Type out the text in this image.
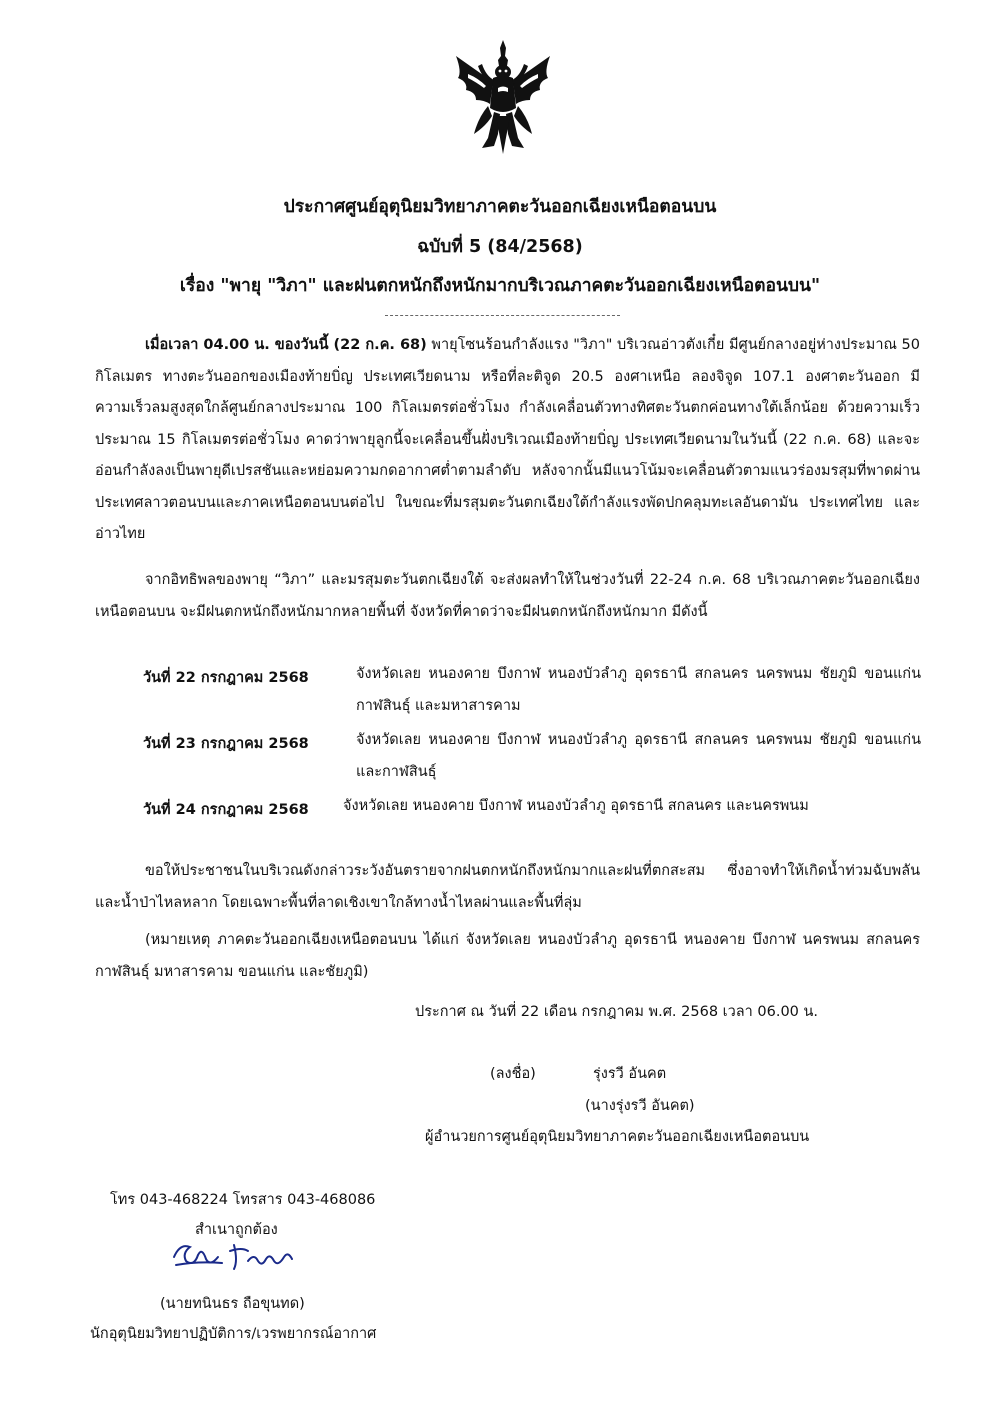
ประกาศศูนย์อุตุนิยมวิทยาภาคตะวันออกเฉียงเหนือตอนบน
ฉบับที่ 5 (84/2568)
เรื่อง "พายุ "วิภา" และฝนตกหนักถึงหนักมากบริเวณภาคตะวันออกเฉียงเหนือตอนบน"
เมื่อเวลา 04.00 น. ของวันนี้ (22 ก.ค. 68) พายุโซนร้อนกำลังแรง "วิภา" บริเวณอ่าวตังเกี๋ย มีศูนย์กลางอยู่ห่างประมาณ 50 กิโลเมตร ทางตะวันออกของเมืองท้ายบิ่ญ ประเทศเวียดนาม หรือที่ละติจูด 20.5 องศาเหนือ ลองจิจูด 107.1 องศาตะวันออก มีความเร็วลมสูงสุดใกล้ศูนย์กลางประมาณ 100 กิโลเมตรต่อชั่วโมง กำลังเคลื่อนตัวทางทิศตะวันตกค่อนทางใต้เล็กน้อย ด้วยความเร็วประมาณ 15 กิโลเมตรต่อชั่วโมง คาดว่าพายุลูกนี้จะเคลื่อนขึ้นฝั่งบริเวณเมืองท้ายบิ่ญ ประเทศเวียดนามในวันนี้ (22 ก.ค. 68) และจะอ่อนกำลังลงเป็นพายุดีเปรสชันและหย่อมความกดอากาศต่ำตามลำดับ หลังจากนั้นมีแนวโน้มจะเคลื่อนตัวตามแนวร่องมรสุมที่พาดผ่านประเทศลาวตอนบนและภาคเหนือตอนบนต่อไป ในขณะที่มรสุมตะวันตกเฉียงใต้กำลังแรงพัดปกคลุมทะเลอันดามัน ประเทศไทย และอ่าวไทย
จากอิทธิพลของพายุ “วิภา” และมรสุมตะวันตกเฉียงใต้ จะส่งผลทำให้ในช่วงวันที่ 22-24 ก.ค. 68 บริเวณภาคตะวันออกเฉียงเหนือตอนบน จะมีฝนตกหนักถึงหนักมากหลายพื้นที่ จังหวัดที่คาดว่าจะมีฝนตกหนักถึงหนักมาก มีดังนี้
วันที่ 22 กรกฎาคม 2568	จังหวัดเลย หนองคาย บึงกาฬ หนองบัวลำภู อุดรธานี สกลนคร นครพนม ชัยภูมิ ขอนแก่น กาฬสินธุ์ และมหาสารคาม
วันที่ 23 กรกฎาคม 2568	จังหวัดเลย หนองคาย บึงกาฬ หนองบัวลำภู อุดรธานี สกลนคร นครพนม ชัยภูมิ ขอนแก่น และกาฬสินธุ์
วันที่ 24 กรกฎาคม 2568 จังหวัดเลย หนองคาย บึงกาฬ หนองบัวลำภู อุดรธานี สกลนคร และนครพนม
ขอให้ประชาชนในบริเวณดังกล่าวระวังอันตรายจากฝนตกหนักถึงหนักมากและฝนที่ตกสะสม ซึ่งอาจทำให้เกิดน้ำท่วมฉับพลัน และน้ำป่าไหลหลาก โดยเฉพาะพื้นที่ลาดเชิงเขาใกล้ทางน้ำไหลผ่านและพื้นที่ลุ่ม
(หมายเหตุ ภาคตะวันออกเฉียงเหนือตอนบน ได้แก่ จังหวัดเลย หนองบัวลำภู อุดรธานี หนองคาย บึงกาฬ นครพนม สกลนคร กาฬสินธุ์ มหาสารคาม ขอนแก่น และชัยภูมิ)
ประกาศ ณ วันที่ 22 เดือน กรกฎาคม พ.ศ. 2568 เวลา 06.00 น.
(ลงชื่อ)	รุ่งรวี อันคต
(นางรุ่งรวี อันคต)
ผู้อำนวยการศูนย์อุตุนิยมวิทยาภาคตะวันออกเฉียงเหนือตอนบน
โทร 043-468224 โทรสาร 043-468086
สำเนาถูกต้อง
(นายทนินธร ถือขุนทด)
นักอุตุนิยมวิทยาปฏิบัติการ/เวรพยากรณ์อากาศ
